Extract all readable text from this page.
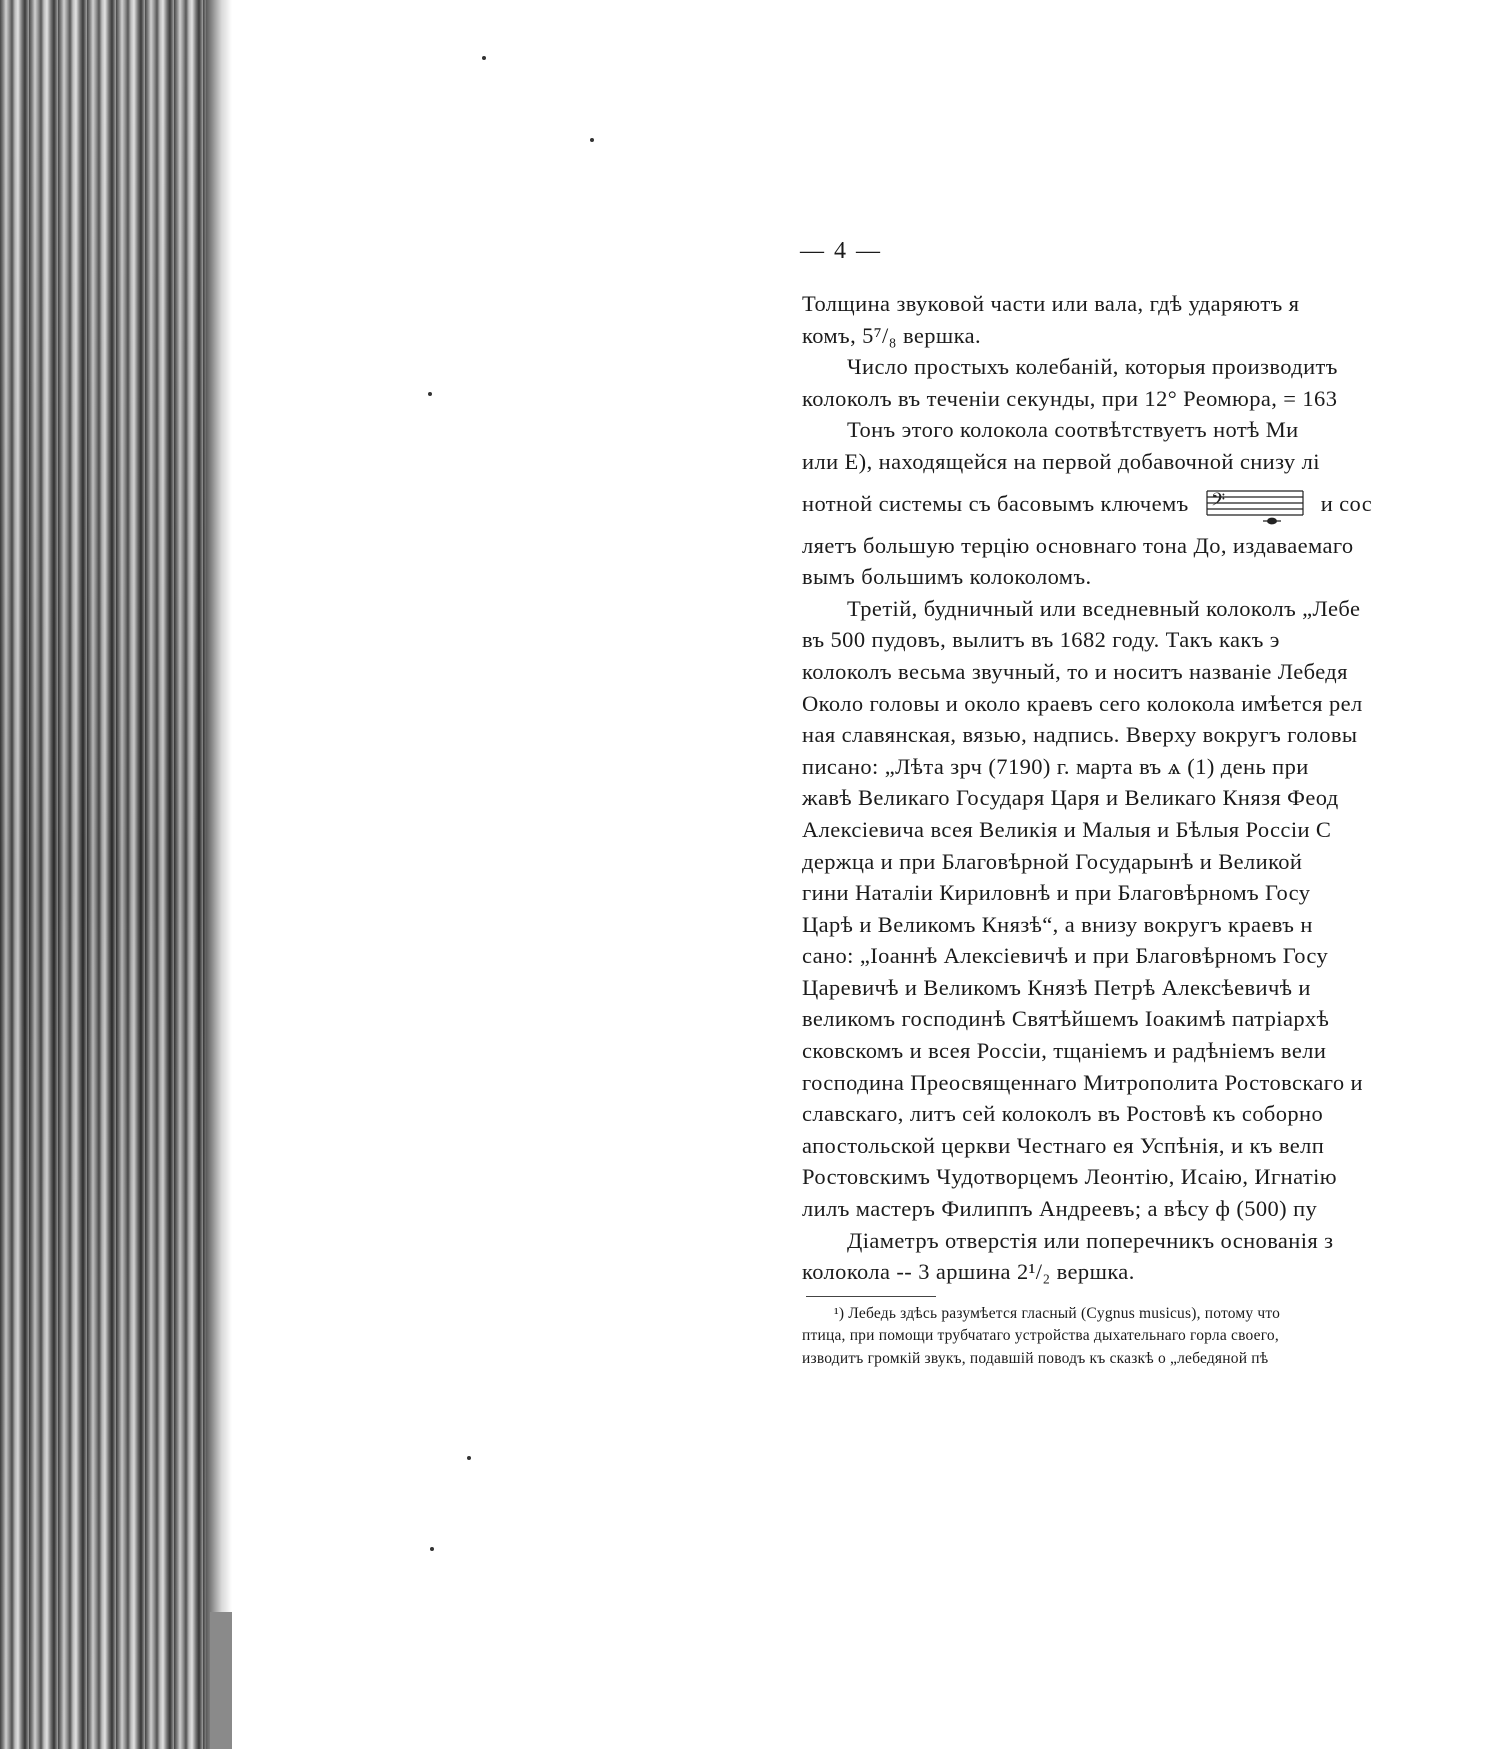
— 4 —
Толщина звуковой части или вала, гдѣ ударяютъ я
комъ, 5⁷/₈ вершка.
Число простыхъ колебаній, которыя производитъ
колоколъ въ теченіи секунды, при 12° Реомюра, = 163
Тонъ этого колокола соотвѣтствуетъ нотѣ Ми
или E), находящейся на первой добавочной снизу лі
нотной системы съ басовымъ ключемъ 𝄢	и сос
ляетъ большую терцію основнаго тона До, издаваемаго
вымъ большимъ колоколомъ.
Третій, будничный или вседневный колоколъ „Лебе
въ 500 пудовъ, вылитъ въ 1682 году. Такъ какъ э
колоколъ весьма звучный, то и носитъ названіе Лебедя
Около головы и около краевъ сего колокола имѣется рел
ная славянская, вязью, надпись. Вверху вокругъ головы
писано: „Лѣта зрч (7190) г. марта въ ѧ (1) день при
жавѣ Великаго Государя Царя и Великаго Князя Феод
Алексіевича всея Великія и Малыя и Бѣлыя Россіи С
держца и при Благовѣрной Государынѣ и Великой
гини Наталіи Кириловнѣ и при Благовѣрномъ Госу
Царѣ и Великомъ Князѣ“, а внизу вокругъ краевъ н
сано: „Іоаннѣ Алексіевичѣ и при Благовѣрномъ Госу
Царевичѣ и Великомъ Князѣ Петрѣ Алексѣевичѣ и
великомъ господинѣ Святѣйшемъ Іоакимѣ патріархѣ
сковскомъ и всея Россіи, тщаніемъ и радѣніемъ вели
господина Преосвященнаго Митрополита Ростовскаго и
славскаго, литъ сей колоколъ въ Ростовѣ къ соборно
апостольской церкви Честнаго ея Успѣнія, и къ велп
Ростовскимъ Чудотворцемъ Леонтію, Исаію, Игнатію
лилъ мастеръ Филиппъ Андреевъ; а вѣсу ф (500) пу
Діаметръ отверстія или поперечникъ основанія з
колокола -- 3 аршина 2¹/₂ вершка.
¹) Лебедь здѣсь разумѣется гласный (Cygnus musicus), потому что
птица, при помощи трубчатаго устройства дыхательнаго горла своего,
изводитъ громкій звукъ, подавшій поводъ къ сказкѣ о „лебедяной пѣ
